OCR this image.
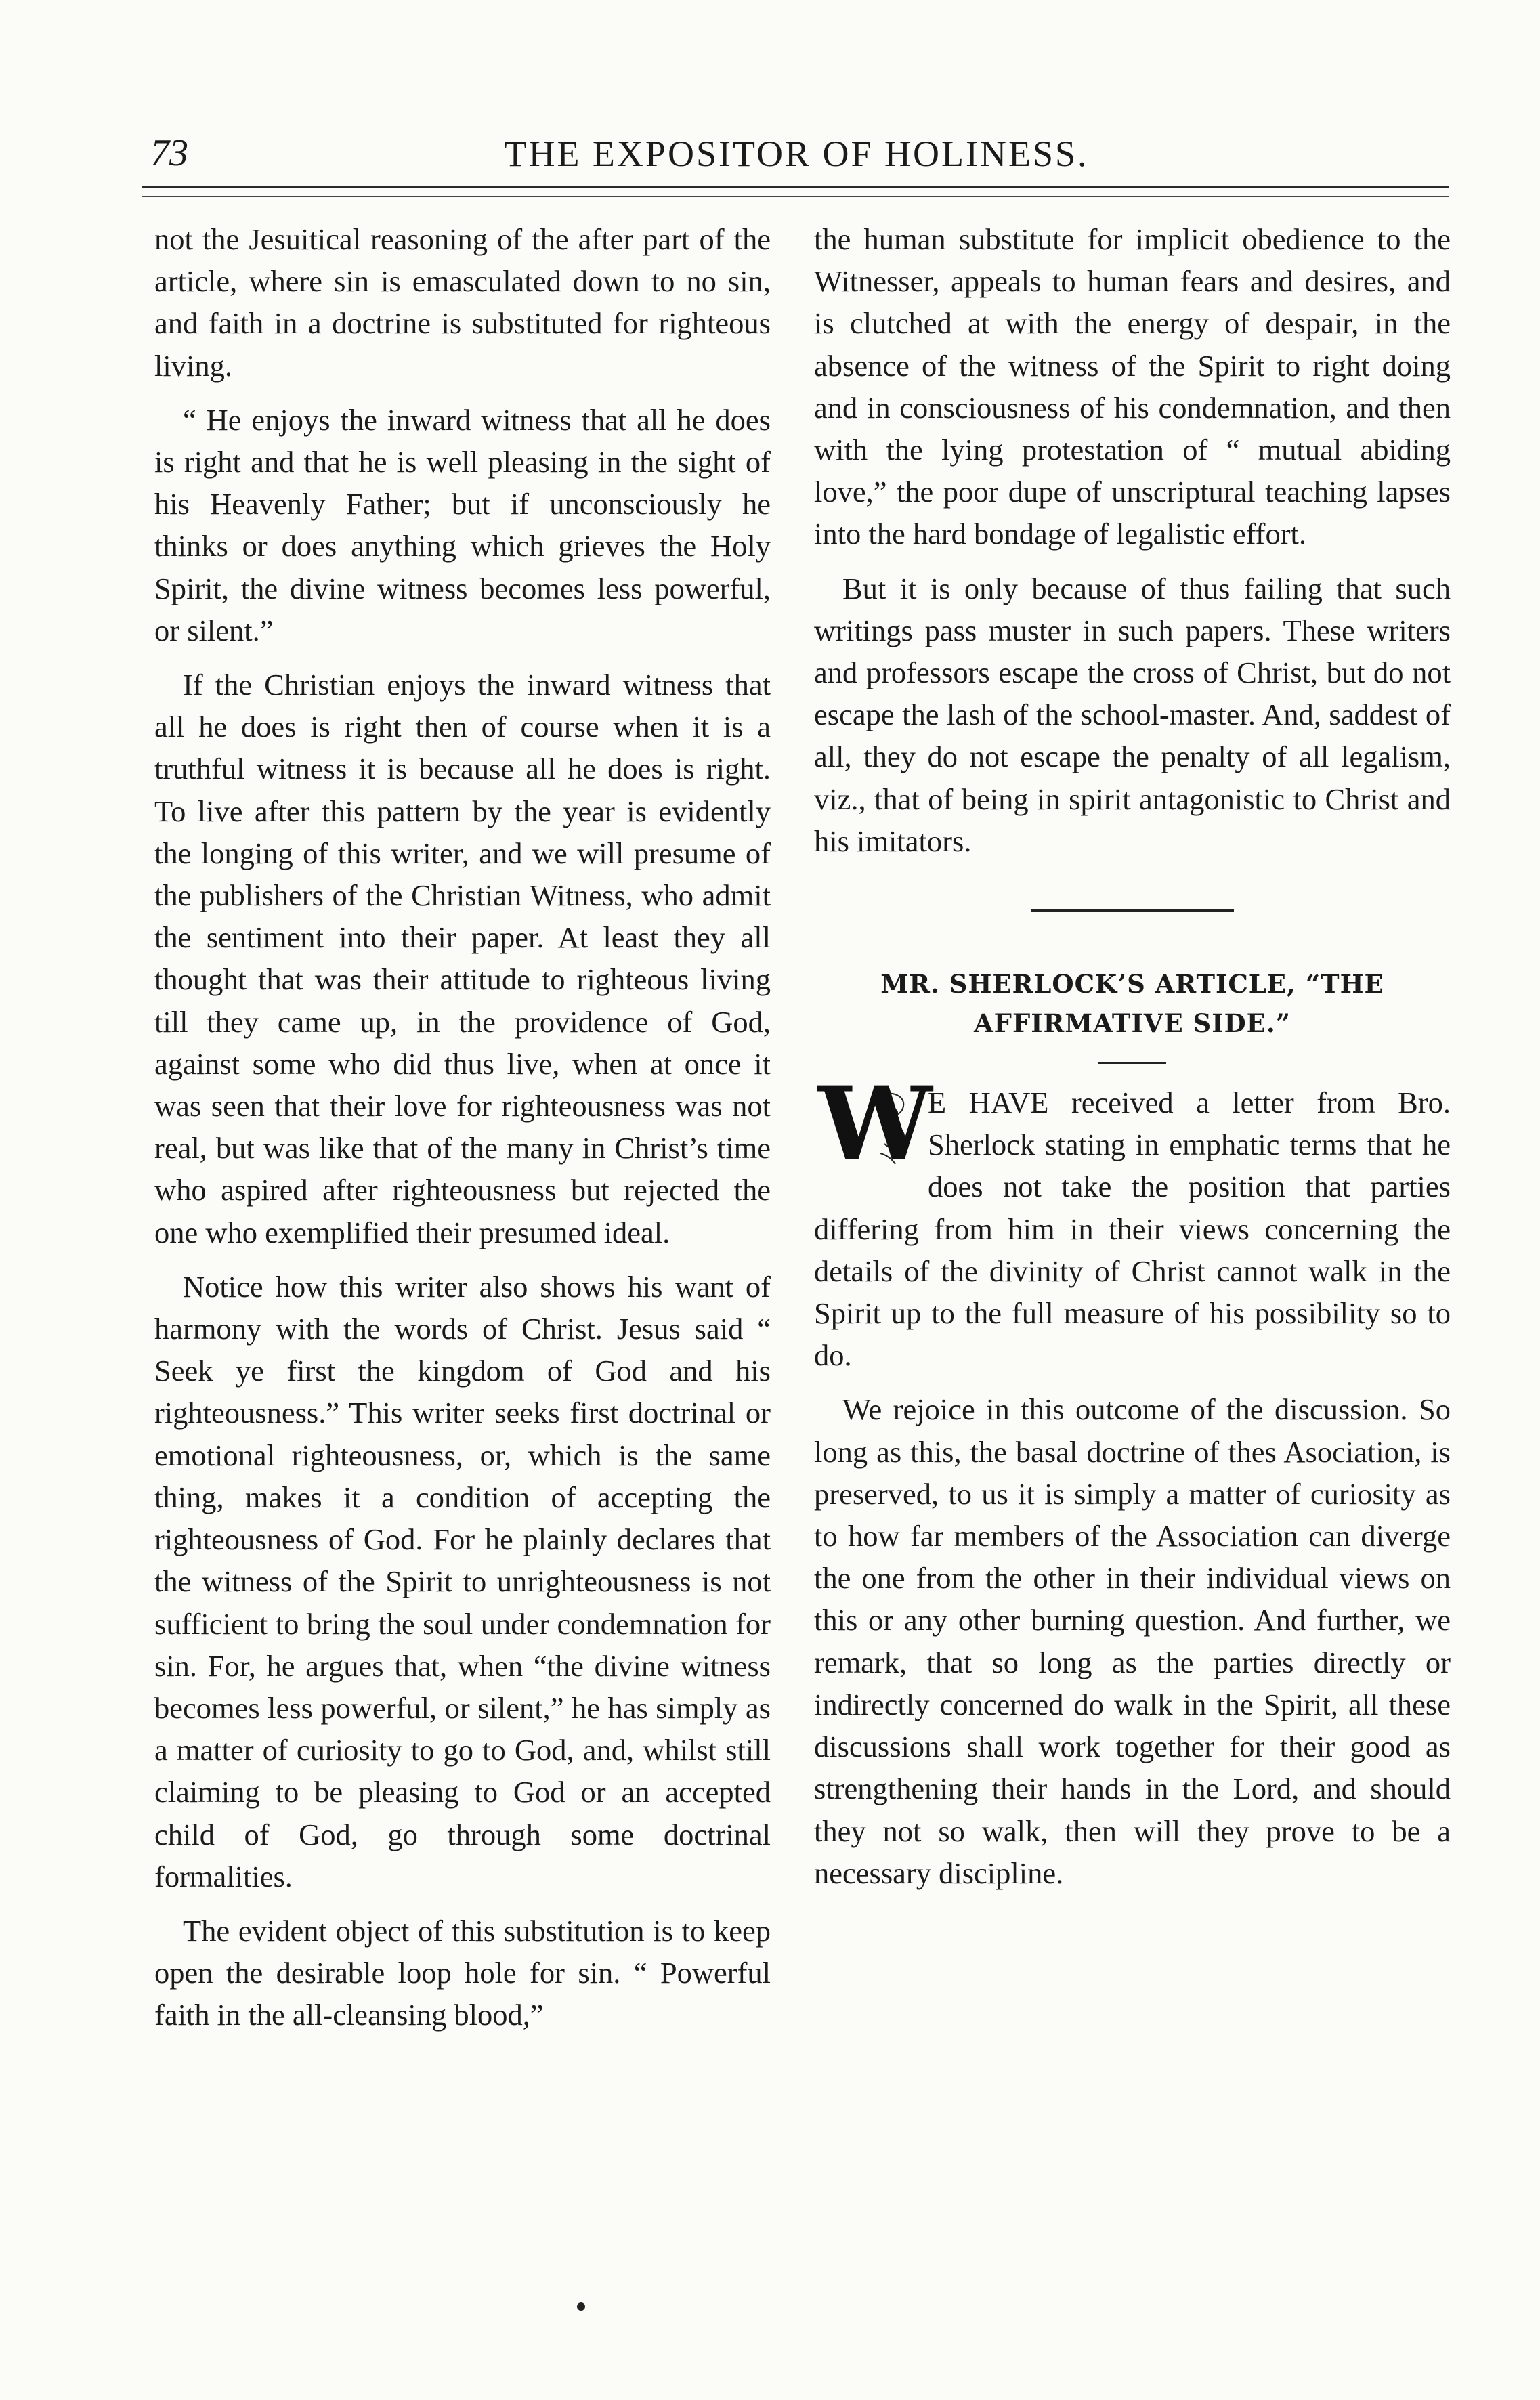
73	THE EXPOSITOR OF HOLINESS.

not the Jesuitical reasoning of the after part of the article, where sin is emasculated down to no sin, and faith in a doctrine is substituted for righteous living.

“ He enjoys the inward witness that all he does is right and that he is well pleasing in the sight of his Heavenly Father; but if unconsciously he thinks or does anything which grieves the Holy Spirit, the divine witness becomes less powerful, or silent.”

If the Christian enjoys the inward witness that all he does is right then of course when it is a truthful witness it is because all he does is right. To live after this pattern by the year is evidently the longing of this writer, and we will presume of the publishers of the Christian Witness, who admit the sentiment into their paper. At least they all thought that was their attitude to righteous living till they came up, in the providence of God, against some who did thus live, when at once it was seen that their love for righteousness was not real, but was like that of the many in Christ’s time who aspired after righteousness but rejected the one who exemplified their presumed ideal.

Notice how this writer also shows his want of harmony with the words of Christ. Jesus said “ Seek ye first the kingdom of God and his righteousness.” This writer seeks first doctrinal or emotional righteousness, or, which is the same thing, makes it a condition of accepting the righteousness of God. For he plainly declares that the witness of the Spirit to unrighteousness is not sufficient to bring the soul under condemnation for sin. For, he argues that, when “the divine witness becomes less powerful, or silent,” he has simply as a matter of curiosity to go to God, and, whilst still claiming to be pleasing to God or an accepted child of God, go through some doctrinal formalities.

The evident object of this substitution is to keep open the desirable loop hole for sin. “ Powerful faith in the all-cleansing blood,”

the human substitute for implicit obedience to the Witnesser, appeals to human fears and desires, and is clutched at with the energy of despair, in the absence of the witness of the Spirit to right doing and in consciousness of his condemnation, and then with the lying protestation of “ mutual abiding love,” the poor dupe of unscriptural teaching lapses into the hard bondage of legalistic effort.

But it is only because of thus failing that such writings pass muster in such papers. These writers and professors escape the cross of Christ, but do not escape the lash of the school-master. And, saddest of all, they do not escape the penalty of all legalism, viz., that of being in spirit antagonistic to Christ and his imitators.

MR. SHERLOCK’S ARTICLE, “THE AFFIRMATIVE SIDE.”

W
E HAVE received a letter from Bro. Sherlock stating in emphatic terms that he does not take the position that parties differing from him in their views concerning the details of the divinity of Christ cannot walk in the Spirit up to the full measure of his possibility so to do.

We rejoice in this outcome of the discussion. So long as this, the basal doctrine of thes Asociation, is preserved, to us it is simply a matter of curiosity as to how far members of the Association can diverge the one from the other in their individual views on this or any other burning question. And further, we remark, that so long as the parties directly or indirectly concerned do walk in the Spirit, all these discussions shall work together for their good as strengthening their hands in the Lord, and should they not so walk, then will they prove to be a necessary discipline.
